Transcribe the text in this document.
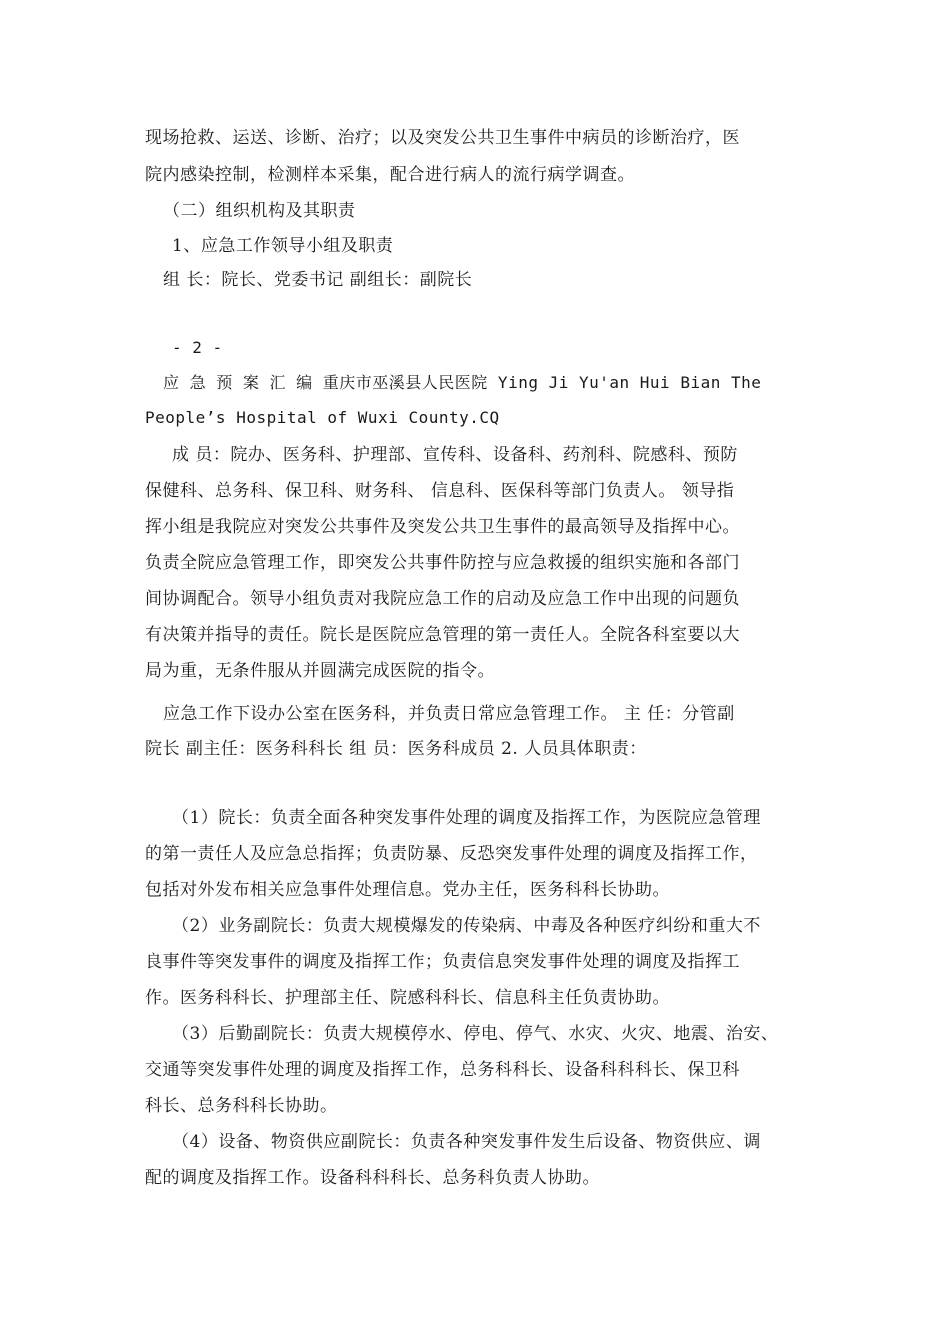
现场抢救、运送、诊断、治疗；以及突发公共卫生事件中病员的诊断治疗，医
院内感染控制，检测样本采集，配合进行病人的流行病学调查。
（二）组织机构及其职责
1、应急工作领导小组及职责
组 长：院长、党委书记 副组长：副院长
- 2 -
应 急 预 案 汇 编 重庆市巫溪县人民医院 Ying Ji Yu'an Hui Bian The
People’s Hospital of Wuxi County.CQ
成 员：院办、医务科、护理部、宣传科、设备科、药剂科、院感科、预防
保健科、总务科、保卫科、财务科、 信息科、医保科等部门负责人。 领导指
挥小组是我院应对突发公共事件及突发公共卫生事件的最高领导及指挥中心。
负责全院应急管理工作，即突发公共事件防控与应急救援的组织实施和各部门
间协调配合。领导小组负责对我院应急工作的启动及应急工作中出现的问题负
有决策并指导的责任。院长是医院应急管理的第一责任人。全院各科室要以大
局为重，无条件服从并圆满完成医院的指令。
应急工作下设办公室在医务科，并负责日常应急管理工作。 主 任：分管副
院长 副主任：医务科科长 组 员：医务科成员 2. 人员具体职责：
（1）院长：负责全面各种突发事件处理的调度及指挥工作，为医院应急管理
的第一责任人及应急总指挥；负责防暴、反恐突发事件处理的调度及指挥工作，
包括对外发布相关应急事件处理信息。党办主任，医务科科长协助。
（2）业务副院长：负责大规模爆发的传染病、中毒及各种医疗纠纷和重大不
良事件等突发事件的调度及指挥工作；负责信息突发事件处理的调度及指挥工
作。医务科科长、护理部主任、院感科科长、信息科主任负责协助。
（3）后勤副院长：负责大规模停水、停电、停气、水灾、火灾、地震、治安、
交通等突发事件处理的调度及指挥工作，总务科科长、设备科科科长、保卫科
科长、总务科科长协助。
（4）设备、物资供应副院长：负责各种突发事件发生后设备、物资供应、调
配的调度及指挥工作。设备科科科长、总务科负责人协助。
